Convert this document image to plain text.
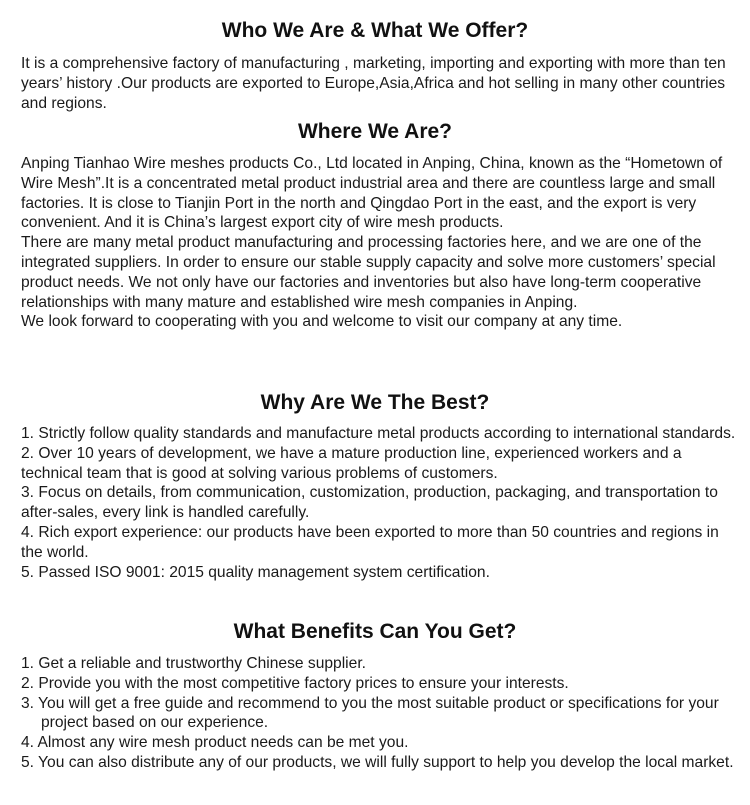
Who We Are & What We Offer?

It is a comprehensive factory of manufacturing , marketing, importing and exporting with more than ten years’ history .Our products are exported to Europe,Asia,Africa and hot selling in many other countries and regions.

Where We Are?

Anping Tianhao Wire meshes products Co., Ltd located in Anping, China, known as the “Hometown of Wire Mesh”.It is a concentrated metal product industrial area and there are countless large and small factories. It is close to Tianjin Port in the north and Qingdao Port in the east, and the export is very convenient. And it is China’s largest export city of wire mesh products.

There are many metal product manufacturing and processing factories here, and we are one of the integrated suppliers. In order to ensure our stable supply capacity and solve more customers’ special product needs. We not only have our factories and inventories but also have long-term cooperative relationships with many mature and established wire mesh companies in Anping.

We look forward to cooperating with you and welcome to visit our company at any time.

Why Are We The Best?
1. Strictly follow quality standards and manufacture metal products according to international standards.
2. Over 10 years of development, we have a mature production line, experienced workers and a technical team that is good at solving various problems of customers.
3. Focus on details, from communication, customization, production, packaging, and transportation to after-sales, every link is handled carefully.
4. Rich export experience: our products have been exported to more than 50 countries and regions in the world.
5. Passed ISO 9001: 2015 quality management system certification.
What Benefits Can You Get?
1. Get a reliable and trustworthy Chinese supplier.
2. Provide you with the most competitive factory prices to ensure your interests.
3. You will get a free guide and recommend to you the most suitable product or specifications for your project based on our experience.
4. Almost any wire mesh product needs can be met you.
5. You can also distribute any of our products, we will fully support to help you develop the local market.
